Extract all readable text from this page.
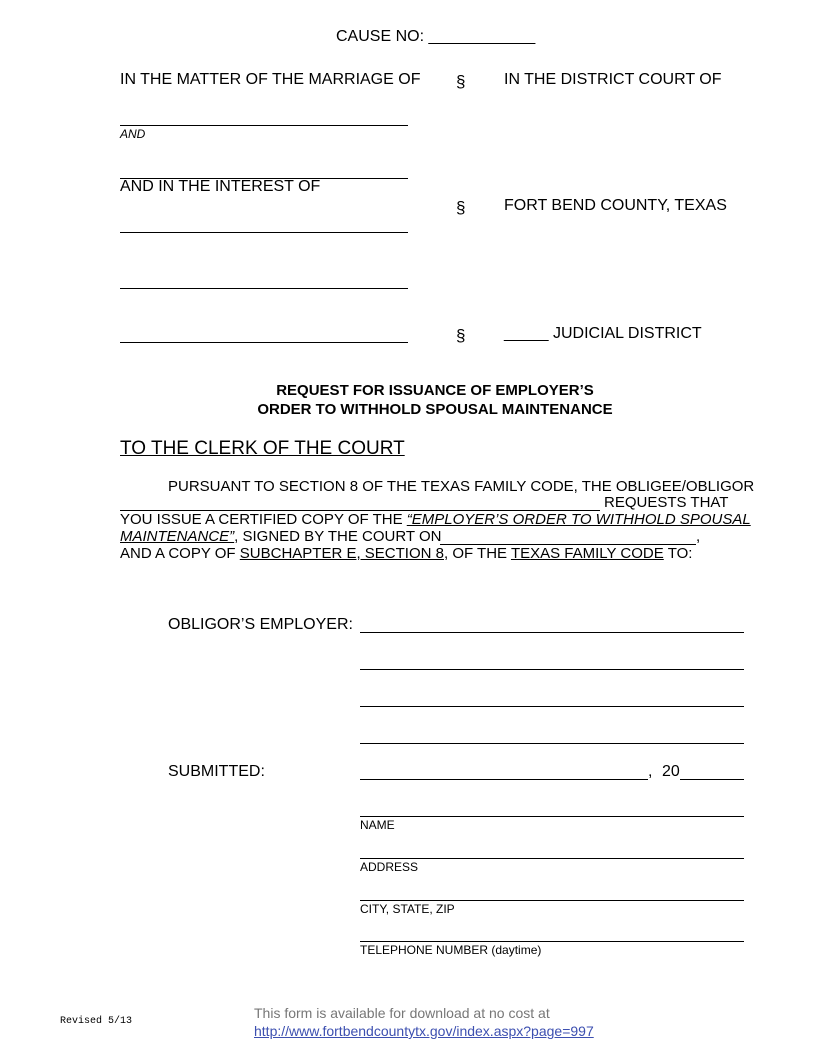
CAUSE NO: ____________
IN THE MATTER OF THE MARRIAGE OF
AND
AND IN THE INTEREST OF
§
§
§
IN THE DISTRICT COURT OF
FORT BEND COUNTY, TEXAS
_____ JUDICIAL DISTRICT
REQUEST FOR ISSUANCE OF EMPLOYER’S
ORDER TO WITHHOLD SPOUSAL MAINTENANCE
TO THE CLERK OF THE COURT
PURSUANT TO SECTION 8 OF THE TEXAS FAMILY CODE, THE OBLIGEE/OBLIGOR
REQUESTS THAT
YOU ISSUE A CERTIFIED COPY OF THE “EMPLOYER’S ORDER TO WITHHOLD SPOUSAL
MAINTENANCE”, SIGNED BY THE COURT ON	,
AND A COPY OF SUBCHAPTER E, SECTION 8, OF THE TEXAS FAMILY CODE TO:
OBLIGOR’S EMPLOYER:
SUBMITTED:	, 20
NAME
ADDRESS
CITY, STATE, ZIP
TELEPHONE NUMBER (daytime)
Revised 5/13
This form is available for download at no cost at
http://www.fortbendcountytx.gov/index.aspx?page=997
